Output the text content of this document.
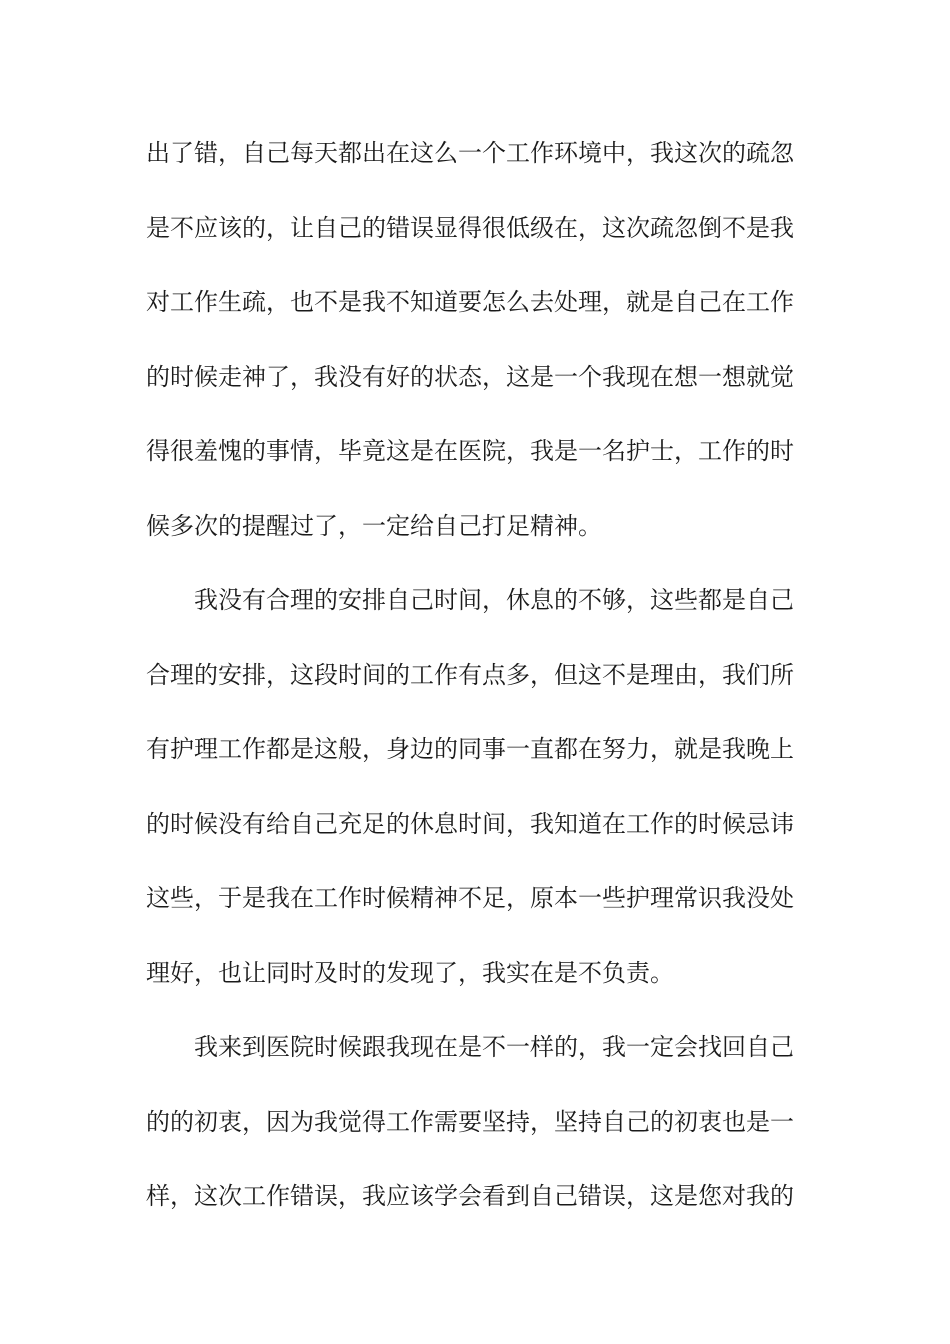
出了错，自己每天都出在这么一个工作环境中，我这次的疏忽
是不应该的，让自己的错误显得很低级在，这次疏忽倒不是我
对工作生疏，也不是我不知道要怎么去处理，就是自己在工作
的时候走神了，我没有好的状态，这是一个我现在想一想就觉
得很羞愧的事情，毕竟这是在医院，我是一名护士，工作的时
候多次的提醒过了，一定给自己打足精神。
我没有合理的安排自己时间，休息的不够，这些都是自己
合理的安排，这段时间的工作有点多，但这不是理由，我们所
有护理工作都是这般，身边的同事一直都在努力，就是我晚上
的时候没有给自己充足的休息时间，我知道在工作的时候忌讳
这些，于是我在工作时候精神不足，原本一些护理常识我没处
理好，也让同时及时的发现了，我实在是不负责。
我来到医院时候跟我现在是不一样的，我一定会找回自己
的的初衷，因为我觉得工作需要坚持，坚持自己的初衷也是一
样，这次工作错误，我应该学会看到自己错误，这是您对我的
